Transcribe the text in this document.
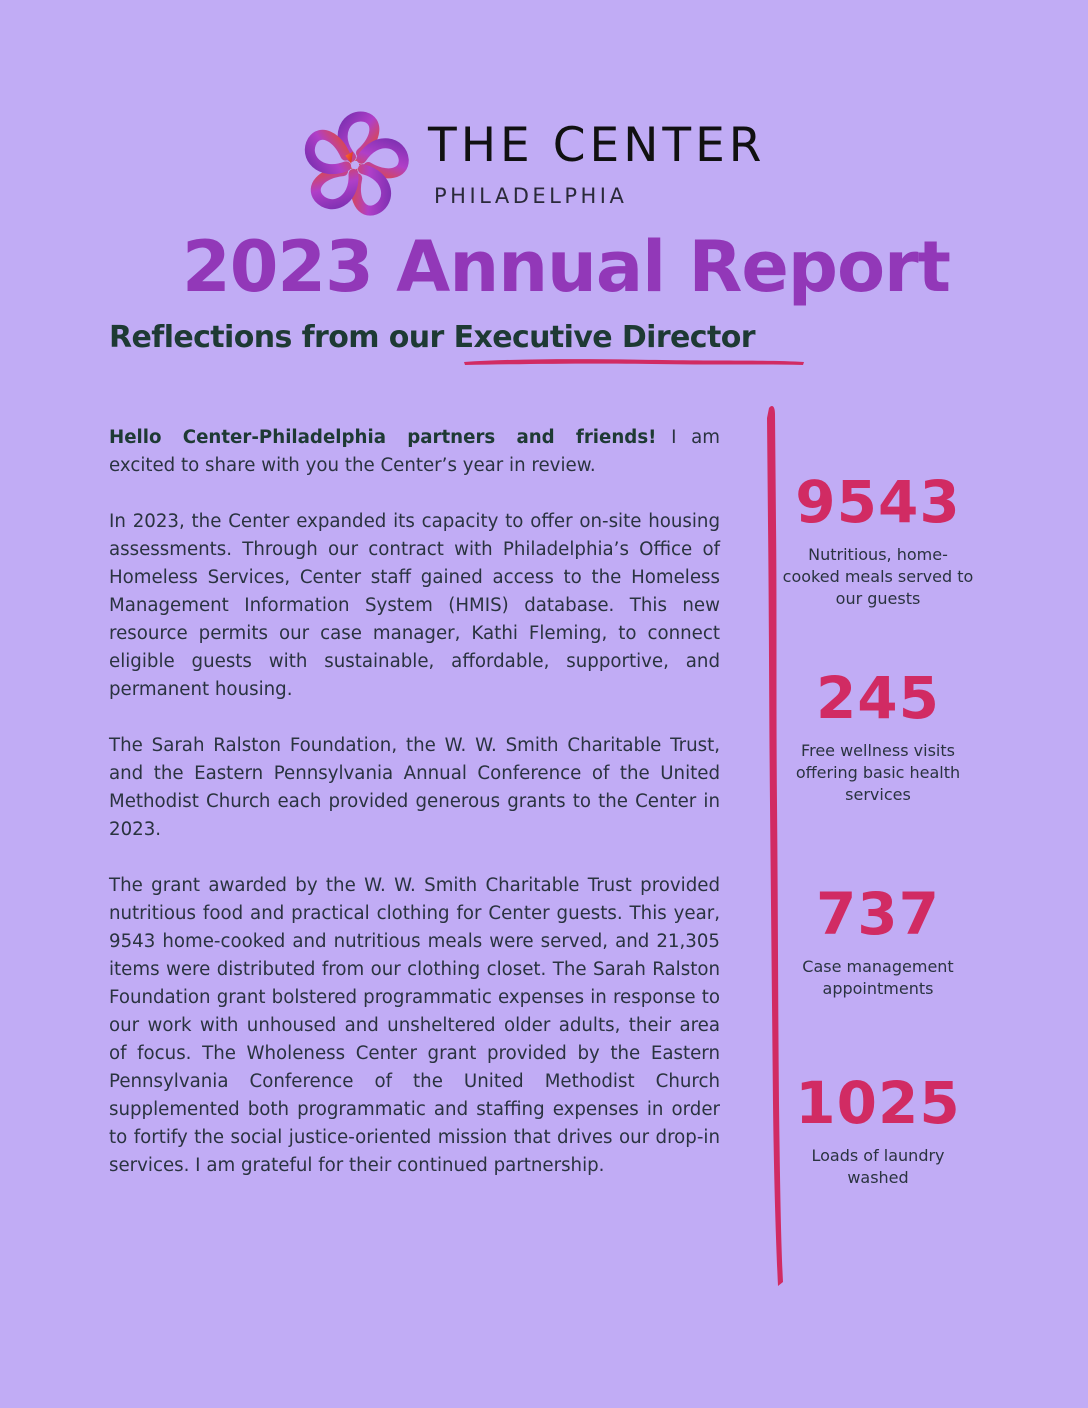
THE CENTER
PHILADELPHIA
2023 Annual Report
Reflections from our Executive Director

Hello Center-Philadelphia partners and friends! I am excited to share with you the Center’s year in review.

In 2023, the Center expanded its capacity to offer on-site housing assessments. Through our contract with Philadelphia’s Office of Homeless Services, Center staff gained access to the Homeless Management Information System (HMIS) database. This new resource permits our case manager, Kathi Fleming, to connect eligible guests with sustainable, affordable, supportive, and permanent housing.

The Sarah Ralston Foundation, the W. W. Smith Charitable Trust, and the Eastern Pennsylvania Annual Conference of the United Methodist Church each provided generous grants to the Center in 2023.

The grant awarded by the W. W. Smith Charitable Trust provided nutritious food and practical clothing for Center guests. This year, 9543 home-cooked and nutritious meals were served, and 21,305 items were distributed from our clothing closet. The Sarah Ralston Foundation grant bolstered programmatic expenses in response to our work with unhoused and unsheltered older adults, their area of focus. The Wholeness Center grant provided by the Eastern Pennsylvania Conference of the United Methodist Church supplemented both programmatic and staffing expenses in order to fortify the social justice-oriented mission that drives our drop-in services. I am grateful for their continued partnership.

9543
Nutritious, home-cooked meals served to our guests
245
Free wellness visits offering basic health services
737
Case management appointments
1025
Loads of laundry washed
